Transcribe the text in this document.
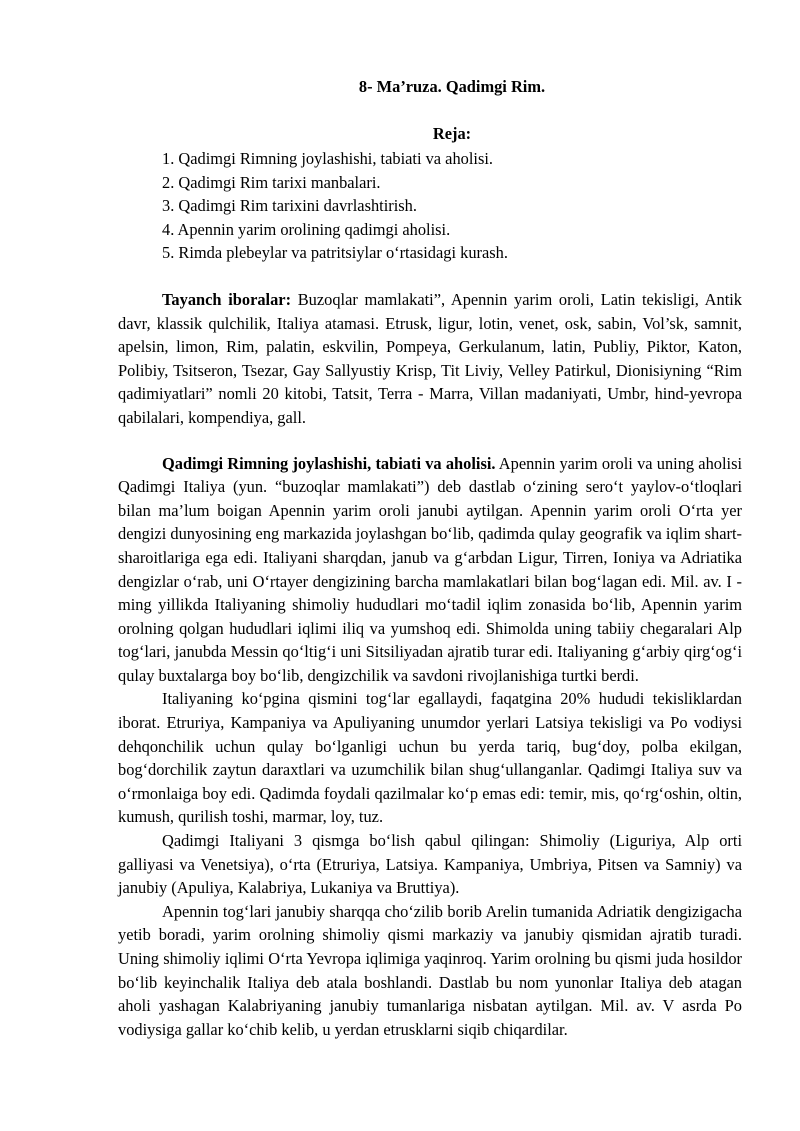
8- Ma’ruza. Qadimgi Rim.

Reja:

1. Qadimgi Rimning joylashishi, tabiati va aholisi.
2. Qadimgi Rim tarixi manbalari.
3. Qadimgi Rim tarixini davrlashtirish.
4. Apennin yarim orolining qadimgi aholisi.
5. Rimda plebeylar va patritsiylar o‘rtasidagi kurash.

Tayanch iboralar: Buzoqlar mamlakati”, Apennin yarim oroli, Latin tekisligi, Antik davr, klassik qulchilik, Italiya atamasi. Etrusk, ligur, lotin, venet, osk, sabin, Vol’sk, samnit, apelsin, limon, Rim, palatin, eskvilin, Pompeya, Gerkulanum, latin, Publiy, Piktor, Katon, Polibiy, Tsitseron, Tsezar, Gay Sallyustiy Krisp, Tit Liviy, Velley Patirkul, Dionisiyning “Rim qadimiyatlari” nomli 20 kitobi, Tatsit, Terra - Marra, Villan madaniyati, Umbr, hind-yevropa qabilalari, kompendiya, gall.

Qadimgi Rimning joylashishi, tabiati va aholisi. Apennin yarim oroli va uning aholisi Qadimgi Italiya (yun. “buzoqlar mamlakati”) deb dastlab o‘zining sero‘t yaylov-o‘tloqlari bilan ma’lum boigan Apennin yarim oroli janubi aytilgan. Apennin yarim oroli O‘rta yer dengizi dunyosining eng markazida joylashgan bo‘lib, qadimda qulay geografik va iqlim shart-sharoitlariga ega edi. Italiyani sharqdan, janub va g‘arbdan Ligur, Tirren, Ioniya va Adriatika dengizlar o‘rab, uni O‘rtayer dengizining barcha mamlakatlari bilan bog‘lagan edi. Mil. av. I - ming yillikda Italiyaning shimoliy hududlari mo‘tadil iqlim zonasida bo‘lib, Apennin yarim orolning qolgan hududlari iqlimi iliq va yumshoq edi. Shimolda uning tabiiy chegaralari Alp tog‘lari, janubda Messin qo‘ltig‘i uni Sitsiliyadan ajratib turar edi. Italiyaning g‘arbiy qirg‘og‘i qulay buxtalarga boy bo‘lib, dengizchilik va savdoni rivojlanishiga turtki berdi.

Italiyaning ko‘pgina qismini tog‘lar egallaydi, faqatgina 20% hududi tekisliklardan iborat. Etruriya, Kampaniya va Apuliyaning unumdor yerlari Latsiya tekisligi va Po vodiysi dehqonchilik uchun qulay bo‘lganligi uchun bu yerda tariq, bug‘doy, polba ekilgan, bog‘dorchilik zaytun daraxtlari va uzumchilik bilan shug‘ullanganlar. Qadimgi Italiya suv va o‘rmonlaiga boy edi. Qadimda foydali qazilmalar ko‘p emas edi: temir, mis, qo‘rg‘oshin, oltin, kumush, qurilish toshi, marmar, loy, tuz.

Qadimgi Italiyani 3 qismga bo‘lish qabul qilingan: Shimoliy (Liguriya, Alp orti galliyasi va Venetsiya), o‘rta (Etruriya, Latsiya. Kampaniya, Umbriya, Pitsen va Samniy) va janubiy (Apuliya, Kalabriya, Lukaniya va Bruttiya).

Apennin tog‘lari janubiy sharqqa cho‘zilib borib Arelin tumanida Adriatik dengizigacha yetib boradi, yarim orolning shimoliy qismi markaziy va janubiy qismidan ajratib turadi. Uning shimoliy iqlimi O‘rta Yevropa iqlimiga yaqinroq. Yarim orolning bu qismi juda hosildor bo‘lib keyinchalik Italiya deb atala boshlandi. Dastlab bu nom yunonlar Italiya deb atagan aholi yashagan Kalabriyaning janubiy tumanlariga nisbatan aytilgan. Mil. av. V asrda Po vodiysiga gallar ko‘chib kelib, u yerdan etrusklarni siqib chiqardilar.
